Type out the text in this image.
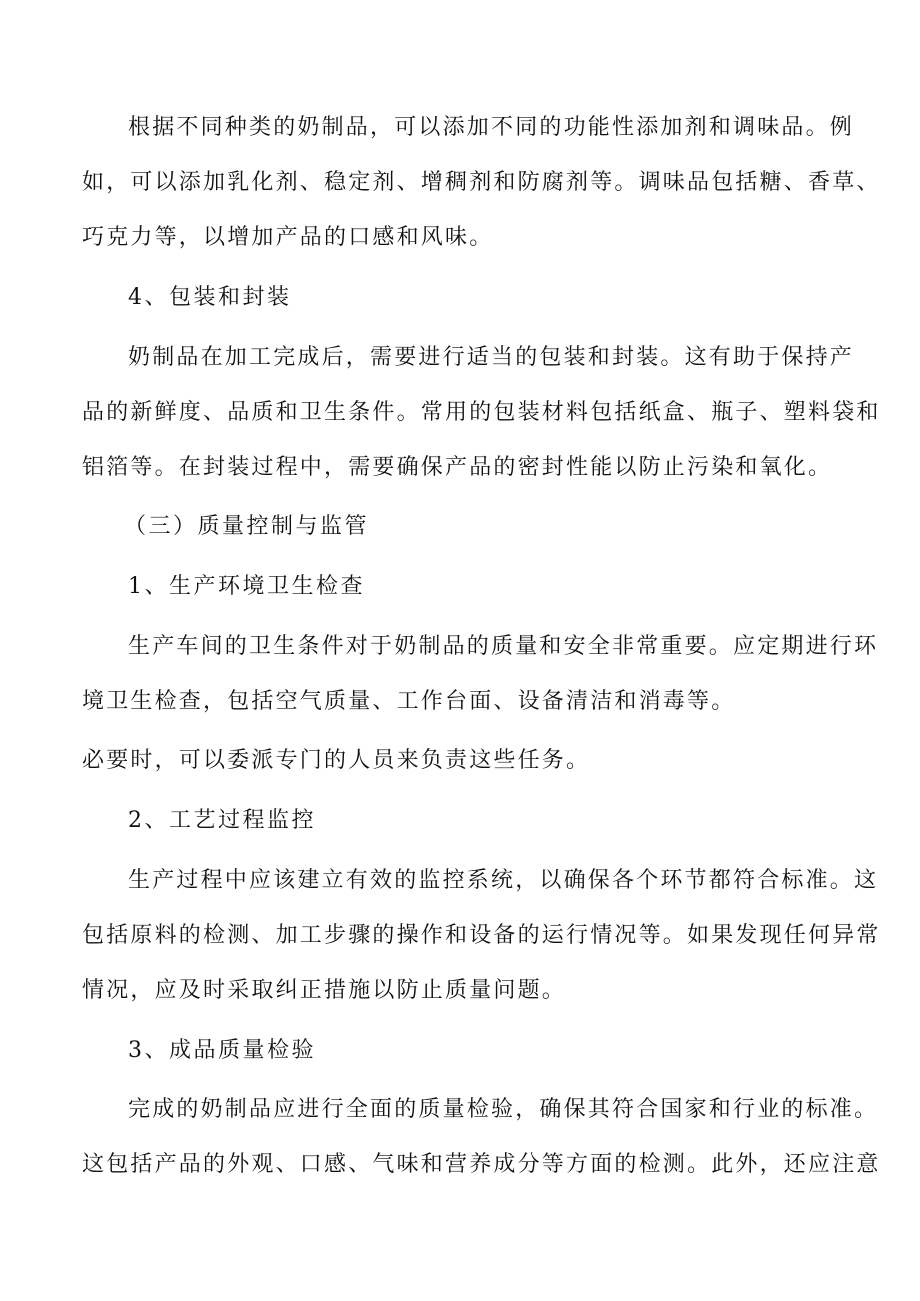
根据不同种类的奶制品，可以添加不同的功能性添加剂和调味品。例
如，可以添加乳化剂、稳定剂、增稠剂和防腐剂等。调味品包括糖、香草、
巧克力等，以增加产品的口感和风味。
4、包装和封装
奶制品在加工完成后，需要进行适当的包装和封装。这有助于保持产
品的新鲜度、品质和卫生条件。常用的包装材料包括纸盒、瓶子、塑料袋和
铝箔等。在封装过程中，需要确保产品的密封性能以防止污染和氧化。
（三）质量控制与监管
1、生产环境卫生检查
生产车间的卫生条件对于奶制品的质量和安全非常重要。应定期进行环
境卫生检查，包括空气质量、工作台面、设备清洁和消毒等。
必要时，可以委派专门的人员来负责这些任务。
2、工艺过程监控
生产过程中应该建立有效的监控系统，以确保各个环节都符合标准。这
包括原料的检测、加工步骤的操作和设备的运行情况等。如果发现任何异常
情况，应及时采取纠正措施以防止质量问题。
3、成品质量检验
完成的奶制品应进行全面的质量检验，确保其符合国家和行业的标准。
这包括产品的外观、口感、气味和营养成分等方面的检测。此外，还应注意
